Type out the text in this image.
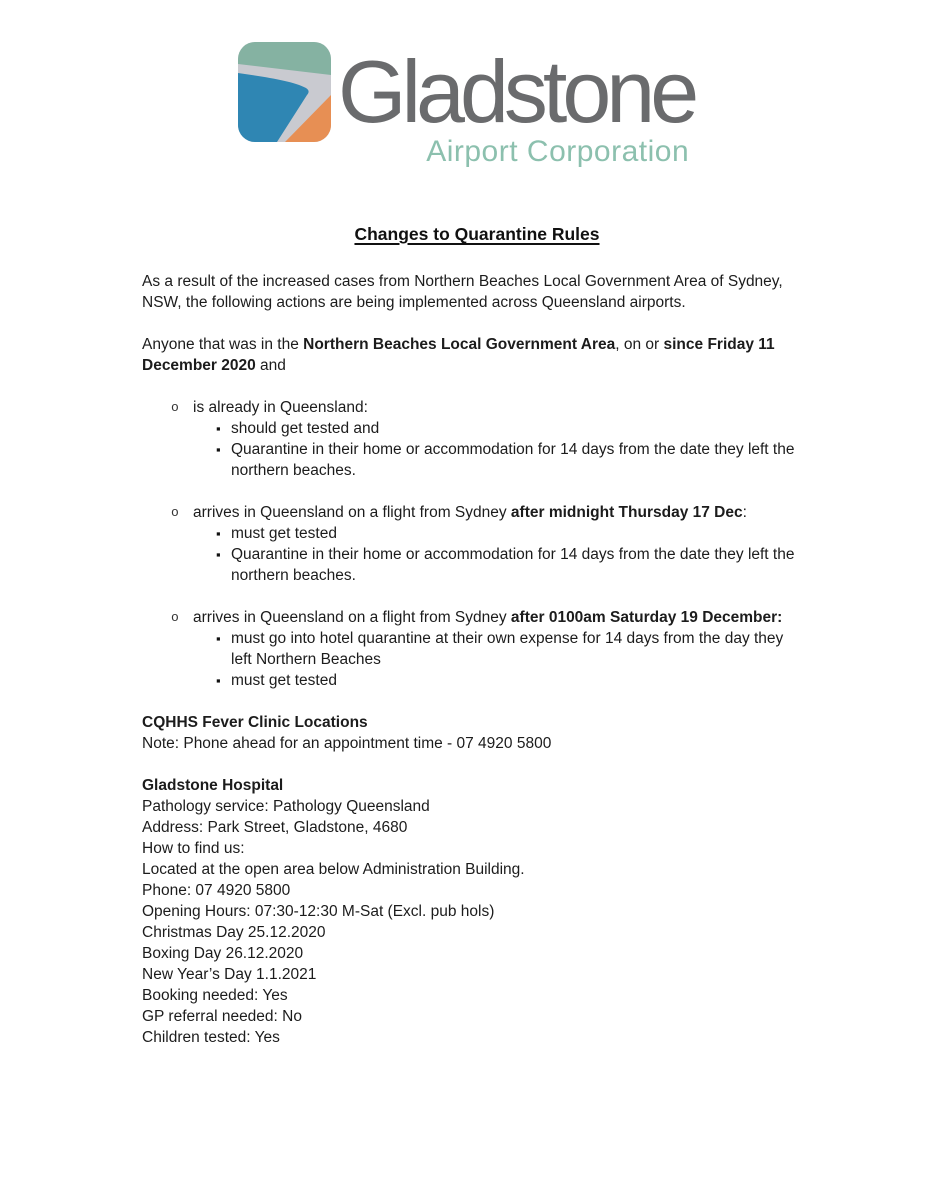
Gladstone
Airport Corporation
Changes to Quarantine Rules

As a result of the increased cases from Northern Beaches Local Government Area of Sydney, NSW, the following actions are being implemented across Queensland airports.

Anyone that was in the Northern Beaches Local Government Area, on or since Friday 11 December 2020 and

o is already in Queensland:
▪ should get tested and
▪ Quarantine in their home or accommodation for 14 days from the date they left the northern beaches.
o arrives in Queensland on a flight from Sydney after midnight Thursday 17 Dec:
▪ must get tested
▪ Quarantine in their home or accommodation for 14 days from the date they left the northern beaches.
o arrives in Queensland on a flight from Sydney after 0100am Saturday 19 December:
▪ must go into hotel quarantine at their own expense for 14 days from the day they left Northern Beaches
▪ must get tested
CQHHS Fever Clinic Locations
Note: Phone ahead for an appointment time - 07 4920 5800
Gladstone Hospital
Pathology service: Pathology Queensland
Address: Park Street, Gladstone, 4680
How to find us:
Located at the open area below Administration Building.
Phone: 07 4920 5800
Opening Hours: 07:30-12:30 M-Sat (Excl. pub hols)
Christmas Day 25.12.2020
Boxing Day 26.12.2020
New Year’s Day 1.1.2021
Booking needed: Yes
GP referral needed: No
Children tested: Yes
